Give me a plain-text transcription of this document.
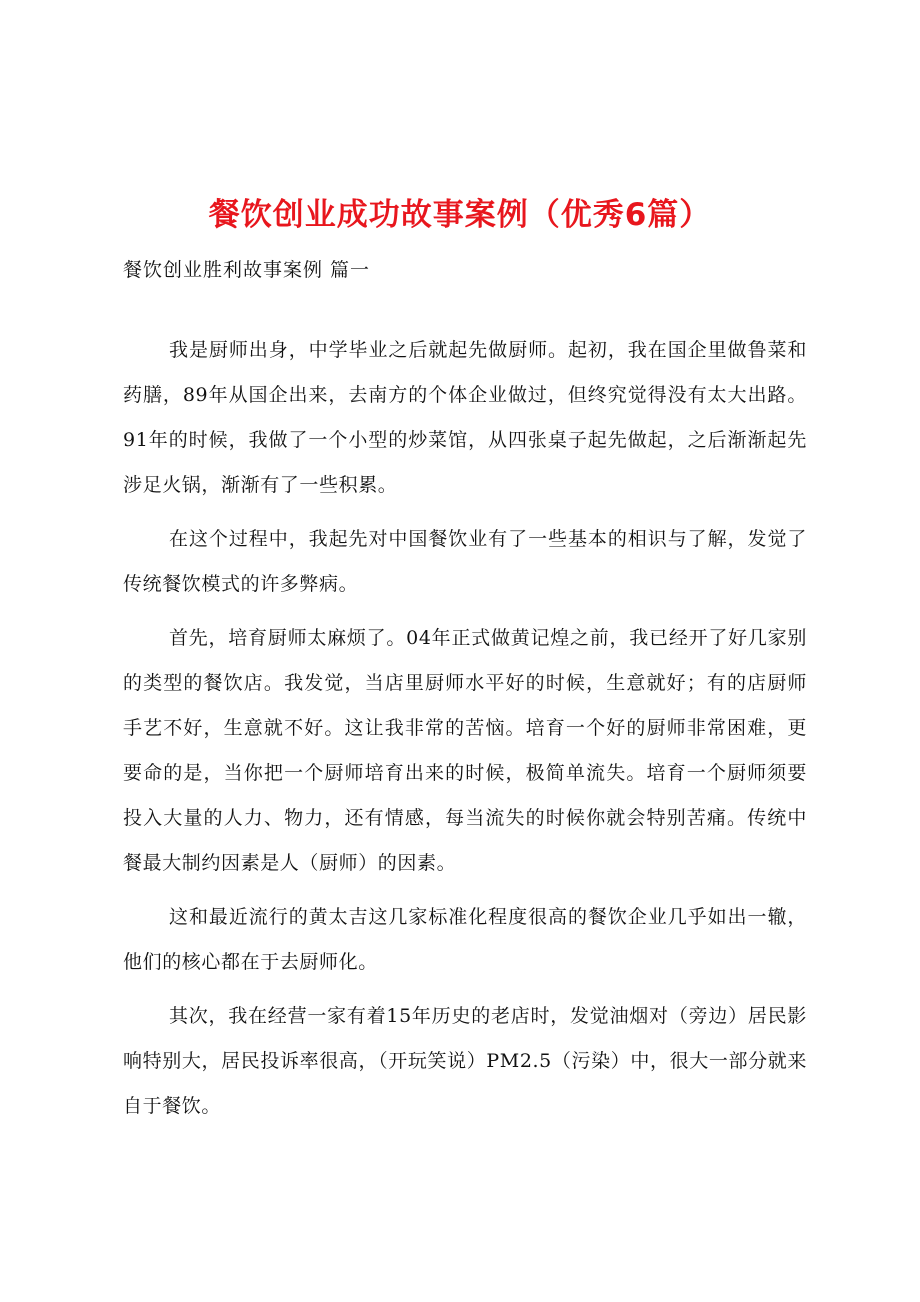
餐饮创业成功故事案例（优秀6篇）
餐饮创业胜利故事案例 篇一

我是厨师出身，中学毕业之后就起先做厨师。起初，我在国企里做鲁菜和药膳，89年从国企出来，去南方的个体企业做过，但终究觉得没有太大出路。91年的时候，我做了一个小型的炒菜馆，从四张桌子起先做起，之后渐渐起先涉足火锅，渐渐有了一些积累。

在这个过程中，我起先对中国餐饮业有了一些基本的相识与了解，发觉了传统餐饮模式的许多弊病。

首先，培育厨师太麻烦了。04年正式做黄记煌之前，我已经开了好几家别的类型的餐饮店。我发觉，当店里厨师水平好的时候，生意就好；有的店厨师手艺不好，生意就不好。这让我非常的苦恼。培育一个好的厨师非常困难，更要命的是，当你把一个厨师培育出来的时候，极简单流失。培育一个厨师须要投入大量的人力、物力，还有情感，每当流失的时候你就会特别苦痛。传统中餐最大制约因素是人（厨师）的因素。

这和最近流行的黄太吉这几家标准化程度很高的餐饮企业几乎如出一辙，他们的核心都在于去厨师化。

其次，我在经营一家有着15年历史的老店时，发觉油烟对（旁边）居民影响特别大，居民投诉率很高，（开玩笑说）PM2.5（污染）中，很大一部分就来自于餐饮。
